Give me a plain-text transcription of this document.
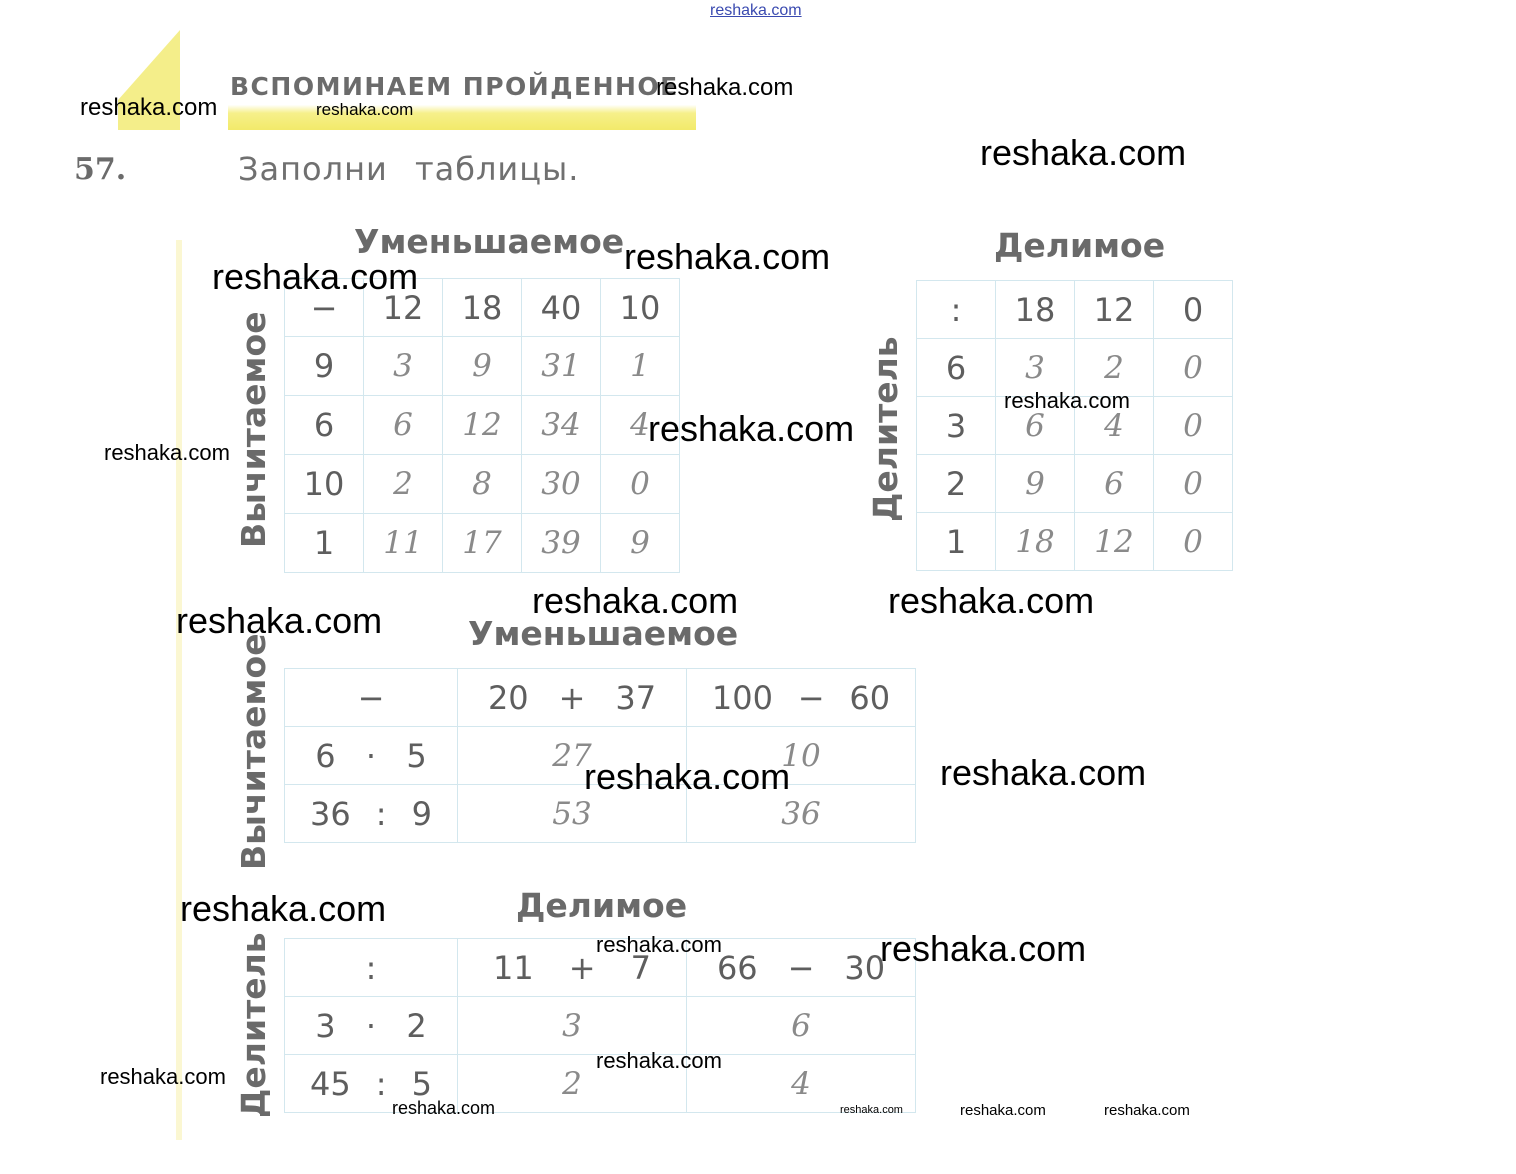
reshaka.com
ВСПОМИНАЕМ ПРОЙДЕННОЕ
57.	Заполни таблицы.
Уменьшаемое
Вычитаемое
−	12	18	40	10
9	3	9	31	1
6	6	12	34	4
10	2	8	30	0
1	11	17	39	9
Делимое
Делитель
:	18	12	0
6	3	2	0
3	6	4	0
2	9	6	0
1	18	12	0
Уменьшаемое
Вычитаемое	−	20 + 37	100 − 60

6 · 5	27	10

36 : 9	53	36
Делимое
Делитель	:	11 + 7	66 − 30

3 · 2	3	6

45 : 5	2	4
reshaka.com	reshaka.com
reshaka.com
reshaka.com
reshaka.com	reshaka.com
reshaka.com
reshaka.com
reshaka.com
reshaka.com	reshaka.com
reshaka.com
reshaka.com	reshaka.com
reshaka.com
reshaka.com	reshaka.com
reshaka.com
reshaka.com
reshaka.com	reshaka.com	reshaka.com	reshaka.com
